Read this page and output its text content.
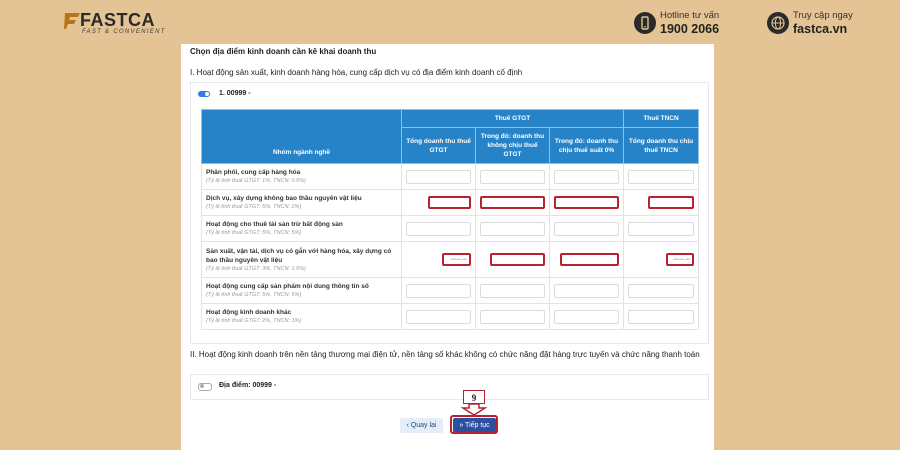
FASTCA
FAST & CONVENIENT
Hotline tư vấn
1900 2066
Truy cập ngay
fastca.vn
Chọn địa điểm kinh doanh cần kê khai doanh thu
I. Hoạt động sản xuất, kinh doanh hàng hóa, cung cấp dịch vụ có địa điểm kinh doanh cố định
1. 00999 -
Nhóm ngành nghề	Thuế GTGT			Thuế TNCN
	Tổng doanh thu thuế GTGT	Trong đó: doanh thu không chịu thuế GTGT	Trong đó: doanh thu chịu thuế suất 0%	Tổng doanh thu chịu thuế TNCN

Phân phối, cung cấp hàng hóa
(Tỷ lệ tính thuế GTGT: 1%, TNCN: 0.5%)				

Dịch vụ, xây dựng không bao thầu nguyên vật liệu
(Tỷ lệ tính thuế GTGT: 5%, TNCN: 2%)				

Hoạt động cho thuê tài sản trừ bất động sản
(Tỷ lệ tính thuế GTGT: 5%, TNCN: 5%)				

Sản xuất, vận tải, dịch vụ có gắn với hàng hóa, xây dựng có
bao thầu nguyên vật liệu
(Tỷ lệ tính thuế GTGT: 3%, TNCN: 1.5%)	*******,***			*******,***

Hoạt động cung cấp sản phẩm nội dung thông tin số
(Tỷ lệ tính thuế GTGT: 5%, TNCN: 5%)				

Hoạt động kinh doanh khác
(Tỷ lệ tính thuế GTGT: 2%, TNCN: 1%)				

II. Hoạt động kinh doanh trên nền tảng thương mại điện tử, nền tảng số khác không có chức năng đặt hàng trực tuyến và chức năng thanh toán
Địa điểm: 00999 -
9
‹ Quay lại	» Tiếp tục
